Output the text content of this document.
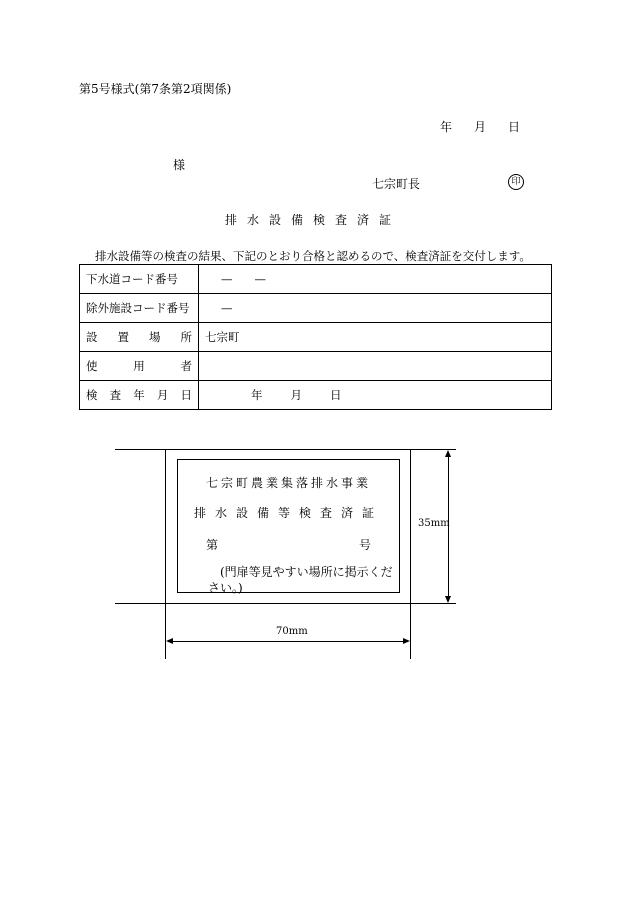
第5号様式(第7条第2項関係)
年 月 日
様
七宗町長	印
排水設備検査済証
排水設備等の検査の結果、下記のとおり合格と認めるので、検査済証を交付します。
下水道コード番号	— —
除外施設コード番号	—

設 置 場 所	七宗町

使 用 者	

検 査 年 月 日	年 月 日
35mm
70mm
七宗町農業集落排水事業
排水設備等検査済証
第	号
(門扉等見やすい場所に掲示ください。)
